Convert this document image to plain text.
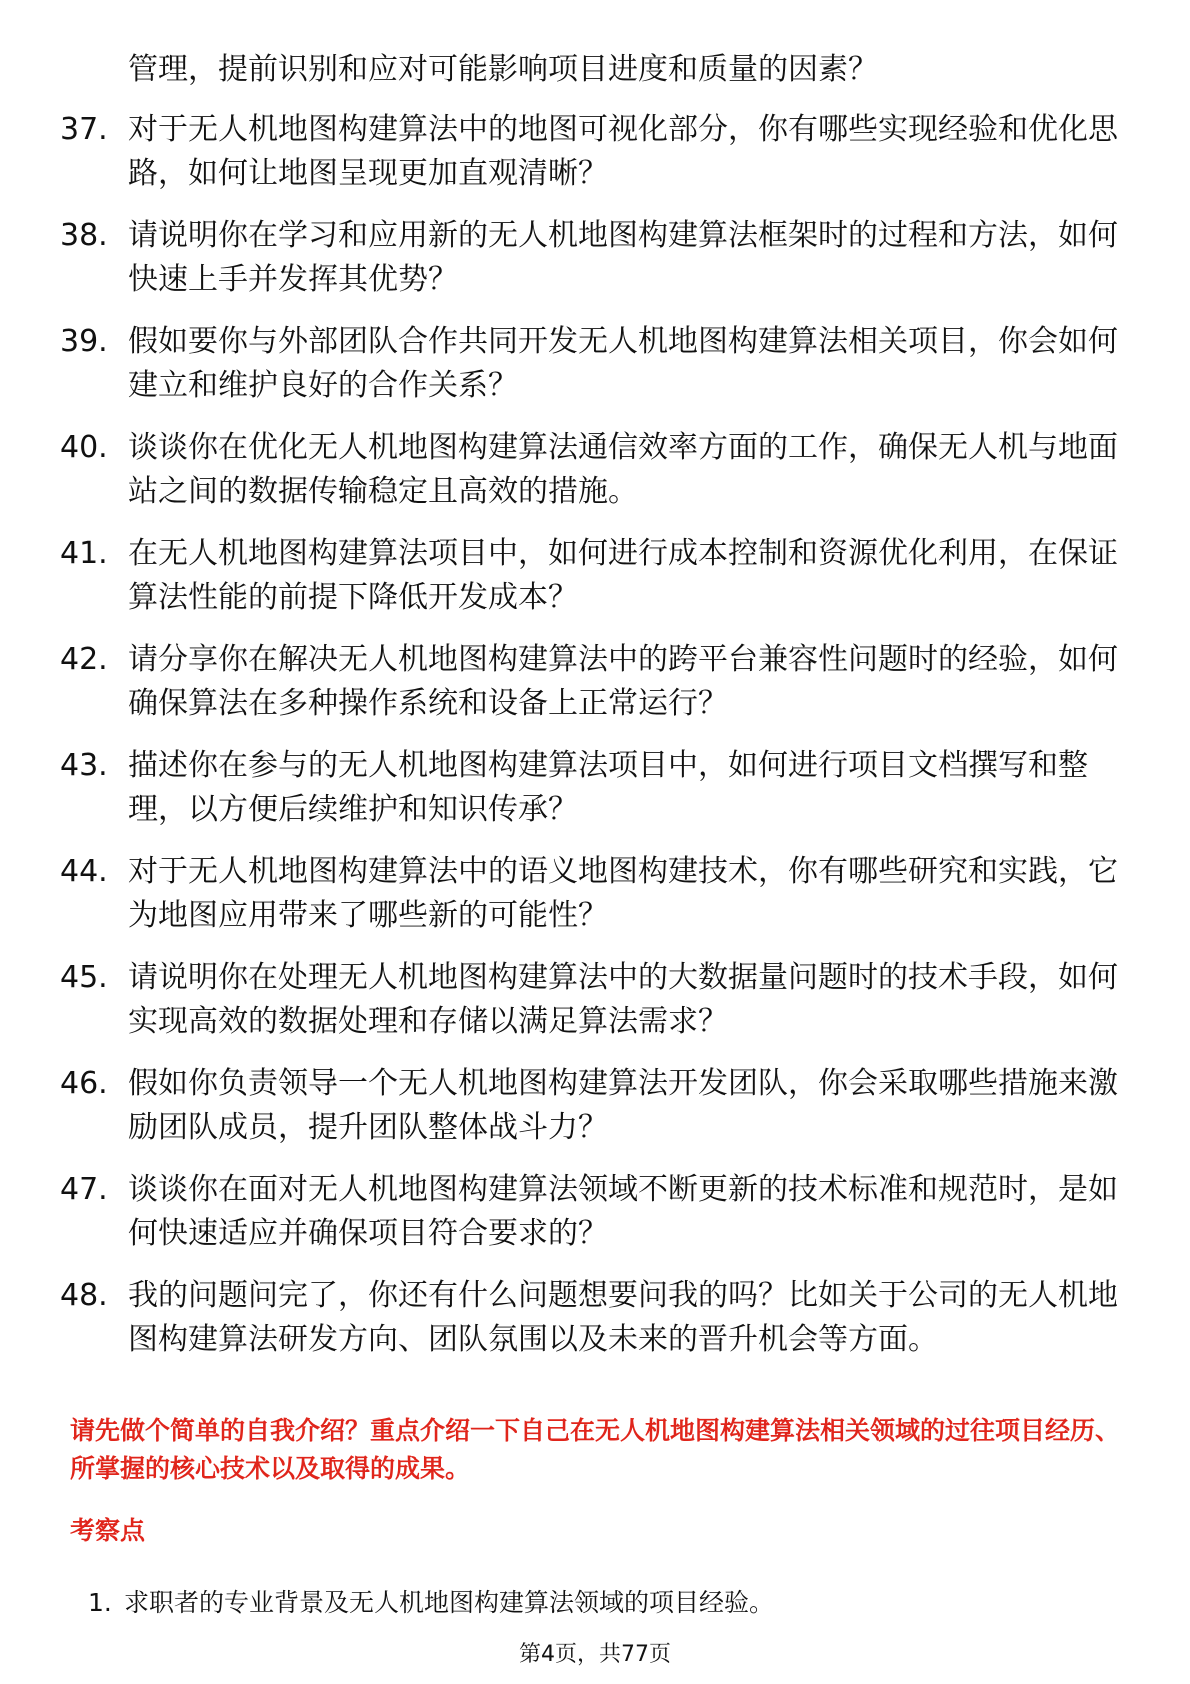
管理，提前识别和应对可能影响项目进度和质量的因素？

37. 对于无人机地图构建算法中的地图可视化部分，你有哪些实现经验和优化思路，如何让地图呈现更加直观清晰？
38. 请说明你在学习和应用新的无人机地图构建算法框架时的过程和方法，如何快速上手并发挥其优势？
39. 假如要你与外部团队合作共同开发无人机地图构建算法相关项目，你会如何建立和维护良好的合作关系？
40. 谈谈你在优化无人机地图构建算法通信效率方面的工作，确保无人机与地面站之间的数据传输稳定且高效的措施。
41. 在无人机地图构建算法项目中，如何进行成本控制和资源优化利用，在保证算法性能的前提下降低开发成本？
42. 请分享你在解决无人机地图构建算法中的跨平台兼容性问题时的经验，如何确保算法在多种操作系统和设备上正常运行？
43. 描述你在参与的无人机地图构建算法项目中，如何进行项目文档撰写和整理，以方便后续维护和知识传承？
44. 对于无人机地图构建算法中的语义地图构建技术，你有哪些研究和实践，它为地图应用带来了哪些新的可能性？
45. 请说明你在处理无人机地图构建算法中的大数据量问题时的技术手段，如何实现高效的数据处理和存储以满足算法需求？
46. 假如你负责领导一个无人机地图构建算法开发团队，你会采取哪些措施来激励团队成员，提升团队整体战斗力？
47. 谈谈你在面对无人机地图构建算法领域不断更新的技术标准和规范时，是如何快速适应并确保项目符合要求的？
48. 我的问题问完了，你还有什么问题想要问我的吗？比如关于公司的无人机地图构建算法研发方向、团队氛围以及未来的晋升机会等方面。

请先做个简单的自我介绍？重点介绍一下自己在无人机地图构建算法相关领域的过往项目经历、所掌握的核心技术以及取得的成果。

考察点

1. 求职者的专业背景及无人机地图构建算法领域的项目经验。

第4页，共77页
